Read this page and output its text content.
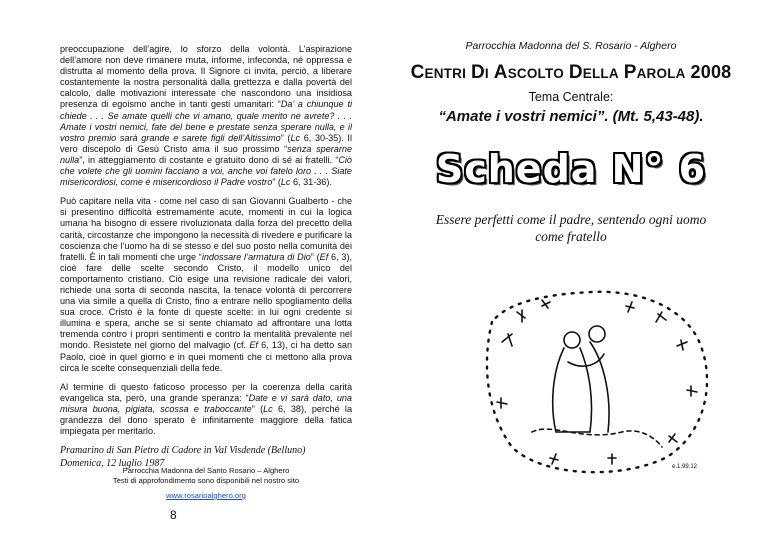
preoccupazione dell’agire, lo sforzo della volontà. L’aspirazione dell’amore non deve rimanere muta, informe, infeconda, né oppressa e distrutta al momento della prova. Il Signore ci invita, perciò, a liberare costantemente la nostra personalità dalla grettezza e dalla povertà del calcolo, dalle motivazioni interessate che nascondono una insidiosa presenza di egoismo anche in tanti gesti umanitari: “Da’ a chiunque ti chiede . . . Se amate quelli che vi amano, quale merito ne avrete? . . . Amate i vostri nemici, fate del bene e prestate senza sperare nulla, e il vostro premio sarà grande e sarete figli dell’Altissimo” (Lc 6, 30-35). Il vero discepolo di Gesù Cristo ama il suo prossimo “senza sperarne nulla”, in atteggiamento di costante e gratuito dono di sé ai fratelli. “Ciò che volete che gli uomini facciano a voi, anche voi fatelo loro . . . Siate misericordiosi, come è misericordioso il Padre vostro” (Lc 6, 31-36).

Può capitare nella vita - come nel caso di san Giovanni Gualberto - che si presentino difficoltà estremamente acute, momenti in cui la logica umana ha bisogno di essere rivoluzionata dalla forza del precetto della carità, circostanze che impongono la necessità di rivedere e purificare la coscienza che l’uomo ha di se stesso e del suo posto nella comunità dei fratelli. È in tali momenti che urge “indossare l’armatura di Dio” (Ef 6, 3), cioè fare delle scelte secondo Cristo, il modello unico del comportamento cristiano. Ciò esige una revisione radicale dei valori, richiede una sorta di seconda nascita, la tenace volontà di percorrere una via simile a quella di Cristo, fino a entrare nello spogliamento della sua croce. Cristo è la fonte di queste scelte: in lui ogni credente si illumina e spera, anche se si sente chiamato ad affrontare una lotta tremenda contro i propri sentimenti e contro la mentalità prevalente nel mondo. Resistete nel giorno del malvagio (cf. Ef 6, 13), ci ha detto san Paolo, cioè in quel giorno e in quei momenti che ci mettono alla prova circa le scelte consequenziali della fede.

Al termine di questo faticoso processo per la coerenza della carità evangelica sta, però, una grande speranza: “Date e vi sarà dato, una misura buona, pigiata, scossa e traboccante” (Lc 6, 38), perché la grandezza del dono sperato è infinitamente maggiore della fatica impiegata per meritarlo.

Pramarino di San Pietro di Cadore in Val Visdende (Belluno)
Domenica, 12 luglio 1987
Parrocchia Madonna del Santo Rosario – Alghero
Testi di approfondimento sono disponibili nel nostro sito
www.rosarioalghero.org
8
Parrocchia Madonna del S. Rosario - Alghero
CENTRI DI ASCOLTO DELLA PAROLA 2008
Tema Centrale:
“Amate i vostri nemici”. (Mt. 5,43-48).
Scheda N° 6
Essere perfetti come il padre, sentendo ogni uomo come fratello
e.1.99.12
